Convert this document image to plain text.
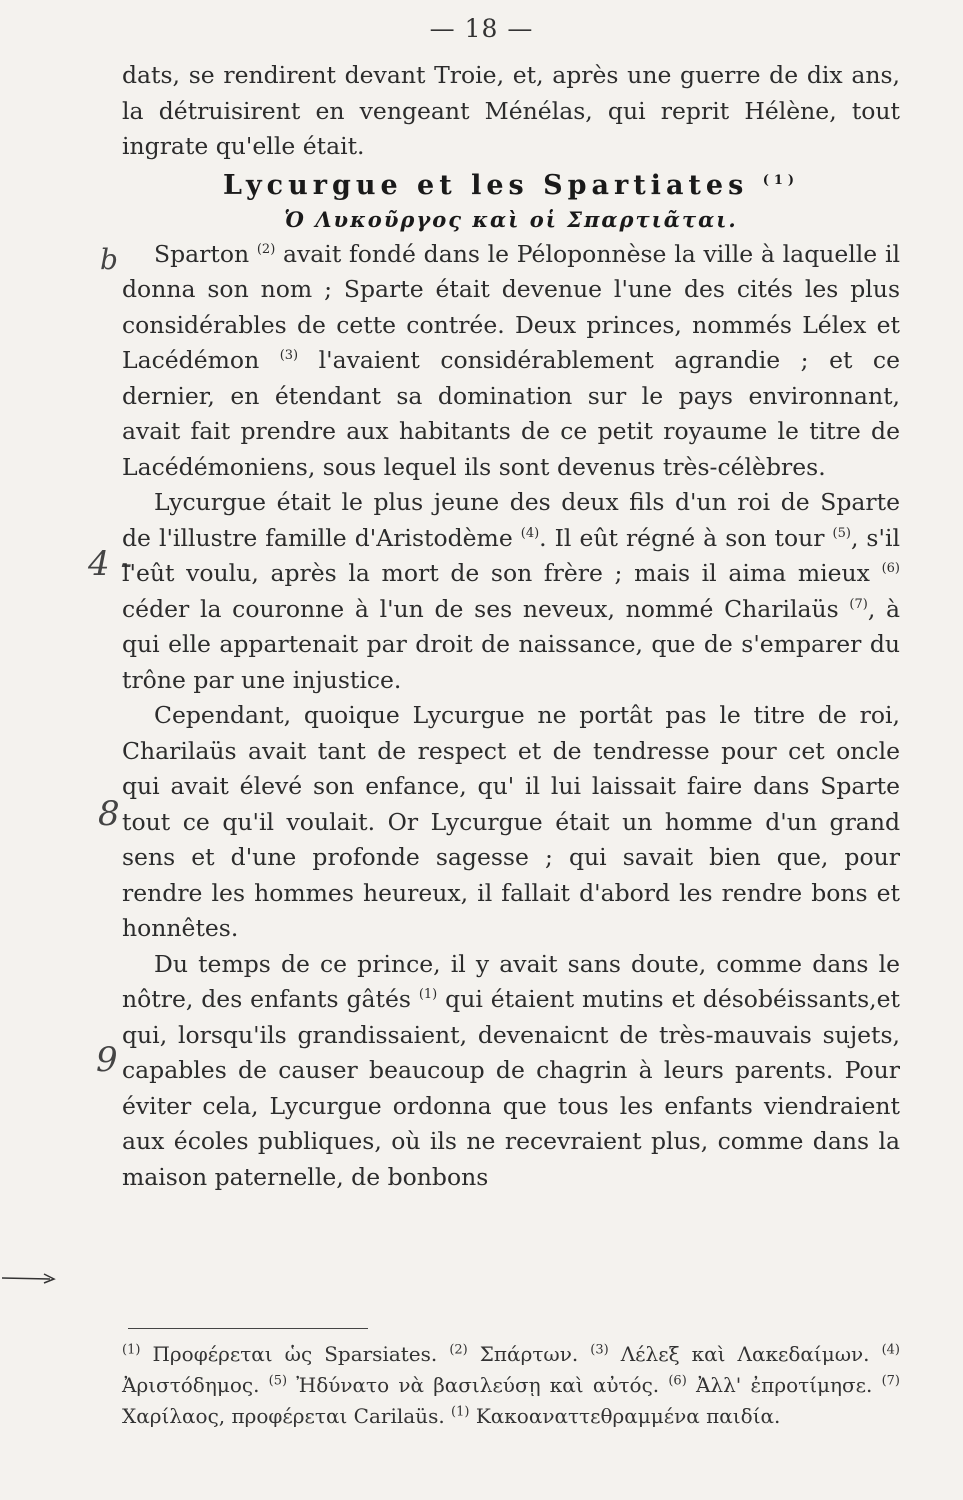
— 18 —
b
4 -
8
9

dats, se rendirent devant Troie, et, après une guerre de dix ans, la détruisirent en vengeant Ménélas, qui reprit Hélène, tout ingrate qu'elle était.

Lycurgue et les Spartiates $^{(1)}$
Ὁ Λυκοῦργος καὶ οἱ Σπαρτιᾶται.

Sparton $^{(2)}$ avait fondé dans le Péloponnèse la ville à laquelle il donna son nom ; Sparte était devenue l'une des cités les plus considérables de cette contrée. Deux princes, nommés Lélex et Lacédémon $^{(3)}$ l'avaient considérablement agrandie ; et ce dernier, en étendant sa domination sur le pays environnant, avait fait prendre aux habitants de ce petit royaume le titre de Lacédémoniens, sous lequel ils sont devenus très-célèbres.

Lycurgue était le plus jeune des deux fils d'un roi de Sparte de l'illustre famille d'Aristodème $^{(4)}$. Il eût régné à son tour $^{(5)}$, s'il l'eût voulu, après la mort de son frère ; mais il aima mieux $^{(6)}$ céder la couronne à l'un de ses neveux, nommé Charilaüs $^{(7)}$, à qui elle appartenait par droit de naissance, que de s'emparer du trône par une injustice.

Cependant, quoique Lycurgue ne portât pas le titre de roi, Charilaüs avait tant de respect et de tendresse pour cet oncle qui avait élevé son enfance, qu' il lui laissait faire dans Sparte tout ce qu'il voulait. Or Lycurgue était un homme d'un grand sens et d'une profonde sagesse ; qui savait bien que, pour rendre les hommes heureux, il fallait d'abord les rendre bons et honnêtes.

Du temps de ce prince, il y avait sans doute, comme dans le nôtre, des enfants gâtés $^{(1)}$ qui étaient mutins et désobéissants,et qui, lorsqu'ils grandissaient, devenaicnt de très-mauvais sujets, capables de causer beaucoup de chagrin à leurs parents. Pour éviter cela, Lycurgue ordonna que tous les enfants viendraient aux écoles publiques, où ils ne recevraient plus, comme dans la maison paternelle, de bonbons

$^{(1)}$ Προφέρεται ὡς Sparsiates. $^{(2)}$ Σπάρτων. $^{(3)}$ Λέλεξ καὶ Λακεδαίμων. $^{(4)}$ Ἀριστόδημος. $^{(5)}$ Ἠδύνατο νὰ βασιλεύσῃ καὶ αὐτός. $^{(6)}$ Ἀλλ' ἐπροτίμησε. $^{(7)}$ Χαρίλαος, προφέρεται Carilaüs. $^{(1)}$ Κακοαναττεθραμμένα παιδία.
